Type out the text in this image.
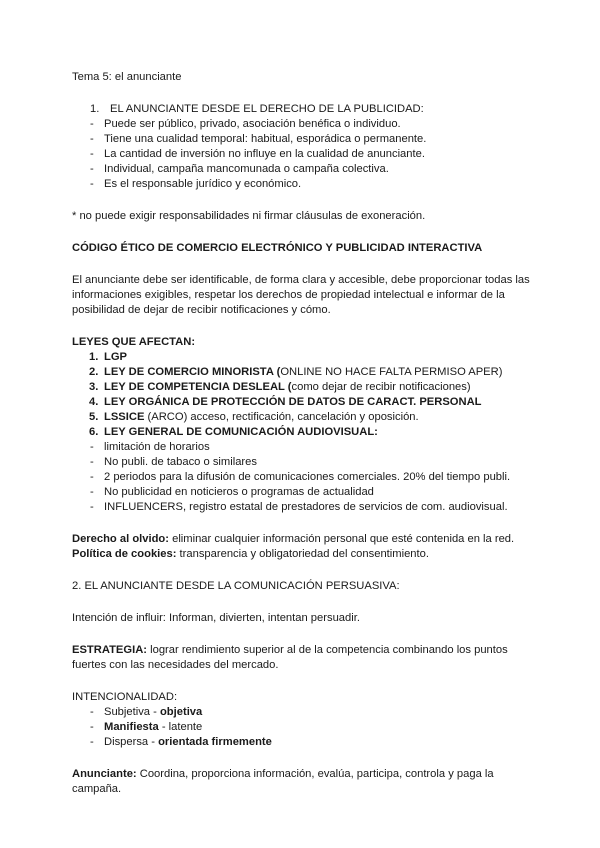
Tema 5: el anunciante

1. EL ANUNCIANTE DESDE EL DERECHO DE LA PUBLICIDAD:

- Puede ser público, privado, asociación benéfica o individuo.
- Tiene una cualidad temporal: habitual, esporádica o permanente.
- La cantidad de inversión no influye en la cualidad de anunciante.
- Individual, campaña mancomunada o campaña colectiva.
- Es el responsable jurídico y económico.

* no puede exigir responsabilidades ni firmar cláusulas de exoneración.

CÓDIGO ÉTICO DE COMERCIO ELECTRÓNICO Y PUBLICIDAD INTERACTIVA

El anunciante debe ser identificable, de forma clara y accesible, debe proporcionar todas las informaciones exigibles, respetar los derechos de propiedad intelectual e informar de la posibilidad de dejar de recibir notificaciones y cómo.

LEYES QUE AFECTAN:

1. LGP
2. LEY DE COMERCIO MINORISTA (ONLINE NO HACE FALTA PERMISO APER)
3. LEY DE COMPETENCIA DESLEAL (como dejar de recibir notificaciones)
4. LEY ORGÁNICA DE PROTECCIÓN DE DATOS DE CARACT. PERSONAL
5. LSSICE (ARCO) acceso, rectificación, cancelación y oposición.
6. LEY GENERAL DE COMUNICACIÓN AUDIOVISUAL:
- limitación de horarios
- No publi. de tabaco o similares
- 2 periodos para la difusión de comunicaciones comerciales. 20% del tiempo publi.
- No publicidad en noticieros o programas de actualidad
- INFLUENCERS, registro estatal de prestadores de servicios de com. audiovisual.

Derecho al olvido: eliminar cualquier información personal que esté contenida en la red.

Política de cookies: transparencia y obligatoriedad del consentimiento.

2. EL ANUNCIANTE DESDE LA COMUNICACIÓN PERSUASIVA:

Intención de influir: Informan, divierten, intentan persuadir.

ESTRATEGIA: lograr rendimiento superior al de la competencia combinando los puntos fuertes con las necesidades del mercado.

INTENCIONALIDAD:

- Subjetiva - objetiva
- Manifiesta - latente
- Dispersa - orientada firmemente

Anunciante: Coordina, proporciona información, evalúa, participa, controla y paga la campaña.
